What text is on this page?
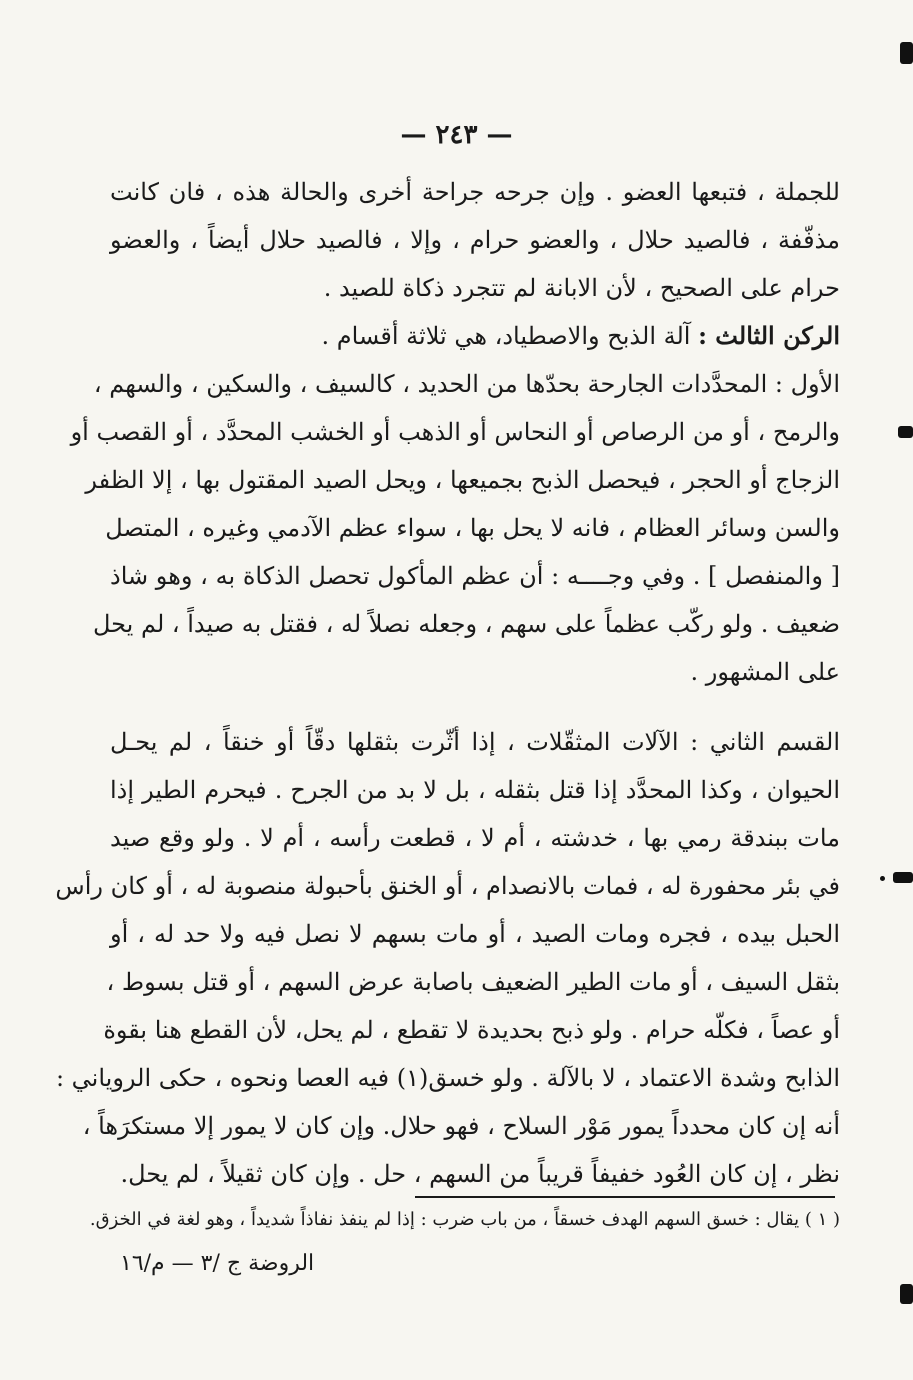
— ٢٤٣ —
للجملة ، فتبعها العضو . وإن جرحه جراحة أخرى والحالة هذه ، فان كانت
مذفّفة ، فالصيد حلال ، والعضو حرام ، وإلا ، فالصيد حلال أيضاً ، والعضو
حرام على الصحيح ، لأن الابانة لم تتجرد ذكاة للصيد .
الركن الثالث : آلة الذبح والاصطياد، هي ثلاثة أقسام .
الأول : المحدَّدات الجارحة بحدّها من الحديد ، كالسيف ، والسكين ، والسهم ،
والرمح ، أو من الرصاص أو النحاس أو الذهب أو الخشب المحدَّد ، أو القصب أو
الزجاج أو الحجر ، فيحصل الذبح بجميعها ، ويحل الصيد المقتول بها ، إلا الظفر
والسن وسائر العظام ، فانه لا يحل بها ، سواء عظم الآدمي وغيره ، المتصل
[ والمنفصل ] . وفي وجــــه : أن عظم المأكول تحصل الذكاة به ، وهو شاذ
ضعيف . ولو ركّب عظماً على سهم ، وجعله نصلاً له ، فقتل به صيداً ، لم يحل
على المشهور .
القسم الثاني : الآلات المثقّلات ، إذا أثّرت بثقلها دقّاً أو خنقاً ، لم يحـل
الحيوان ، وكذا المحدَّد إذا قتل بثقله ، بل لا بد من الجرح . فيحرم الطير إذا
مات ببندقة رمي بها ، خدشته ، أم لا ، قطعت رأسه ، أم لا . ولو وقع صيد
في بئر محفورة له ، فمات بالانصدام ، أو الخنق بأحبولة منصوبة له ، أو كان رأس
الحبل بيده ، فجره ومات الصيد ، أو مات بسهم لا نصل فيه ولا حد له ، أو
بثقل السيف ، أو مات الطير الضعيف باصابة عرض السهم ، أو قتل بسوط ،
أو عصاً ، فكلّه حرام . ولو ذبح بحديدة لا تقطع ، لم يحل، لأن القطع هنا بقوة
الذابح وشدة الاعتماد ، لا بالآلة . ولو خسق(١) فيه العصا ونحوه ، حكى الروياني :
أنه إن كان محدداً يمور مَوْر السلاح ، فهو حلال. وإن كان لا يمور إلا مستكرَهاً ،
نظر ، إن كان العُود خفيفاً قريباً من السهم ، حل . وإن كان ثقيلاً ، لم يحل.
( ١ ) يقال : خسق السهم الهدف خسقاً ، من باب ضرب : إذا لم ينفذ نفاذاً شديداً ، وهو لغة في الخزق.
الروضة ج /٣ — م/١٦
